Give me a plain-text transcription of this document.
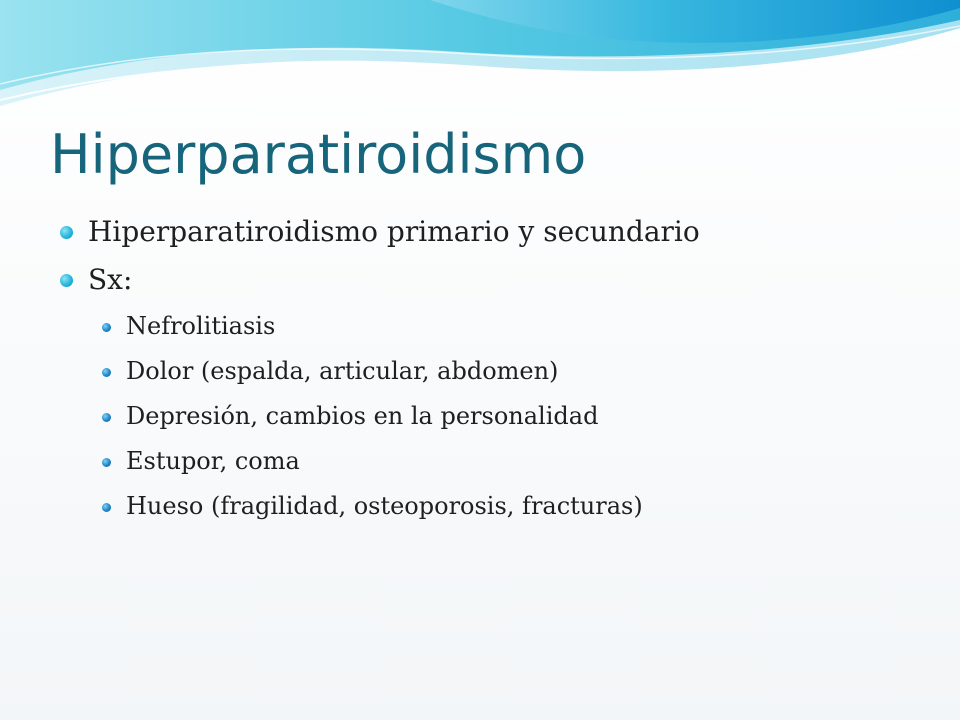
Hiperparatiroidismo
Hiperparatiroidismo primario y secundario
Sx:
Nefrolitiasis
Dolor (espalda, articular, abdomen)
Depresión, cambios en la personalidad
Estupor, coma
Hueso (fragilidad, osteoporosis, fracturas)
